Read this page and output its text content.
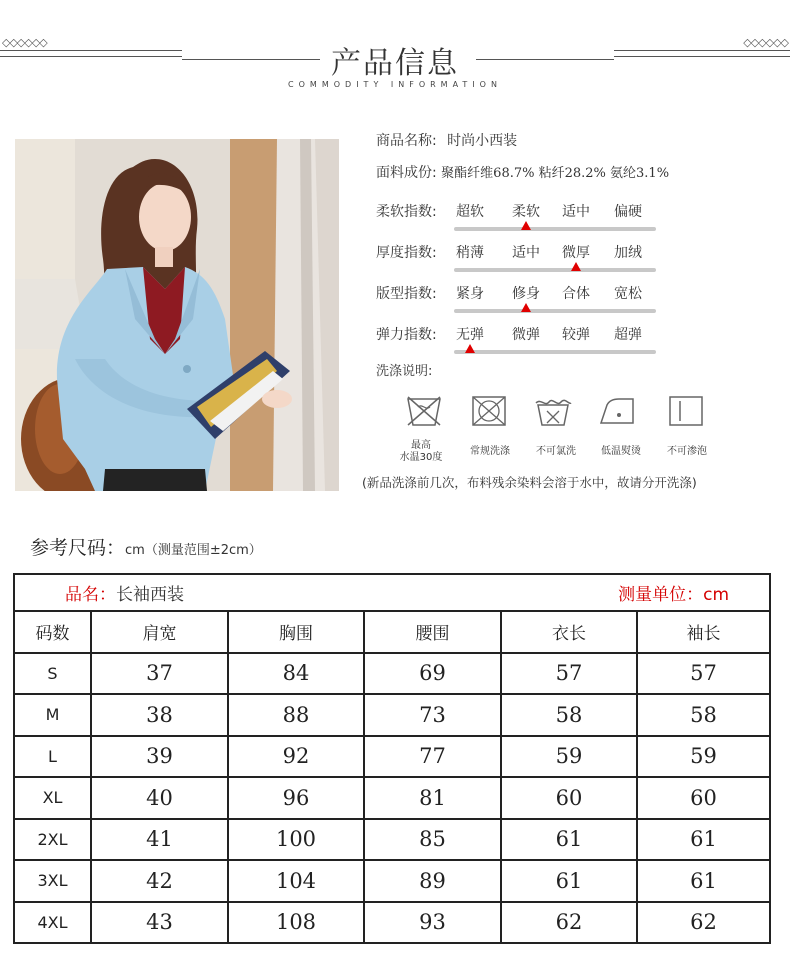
◇◇◇◇◇◇	◇◇◇◇◇◇
产品信息
COMMODITY INFORMATION
商品名称: 时尚小西装
面料成份: 聚酯纤维68.7% 粘纤28.2% 氨纶3.1%
柔软指数: 超软 柔软 适中 偏硬
厚度指数: 稍薄 适中 微厚 加绒
版型指数: 紧身 修身 合体 宽松
弹力指数: 无弹 微弹 较弹 超弹
洗涤说明:
最高
水温30度
常规洗涤	不可氯洗	低温熨烫	不可渗泡
(新品洗涤前几次，布料残余染料会溶于水中，故请分开洗涤)
参考尺码：cm（测量范围±2cm）
品名：长袖西装 测量单位：cm					

码数	肩宽	胸围	腰围	衣长	袖长
S	37	84	69	57	57
M	38	88	73	58	58
L	39	92	77	59	59
XL	40	96	81	60	60
2XL	41	100	85	61	61
3XL	42	104	89	61	61
4XL	43	108	93	62	62
